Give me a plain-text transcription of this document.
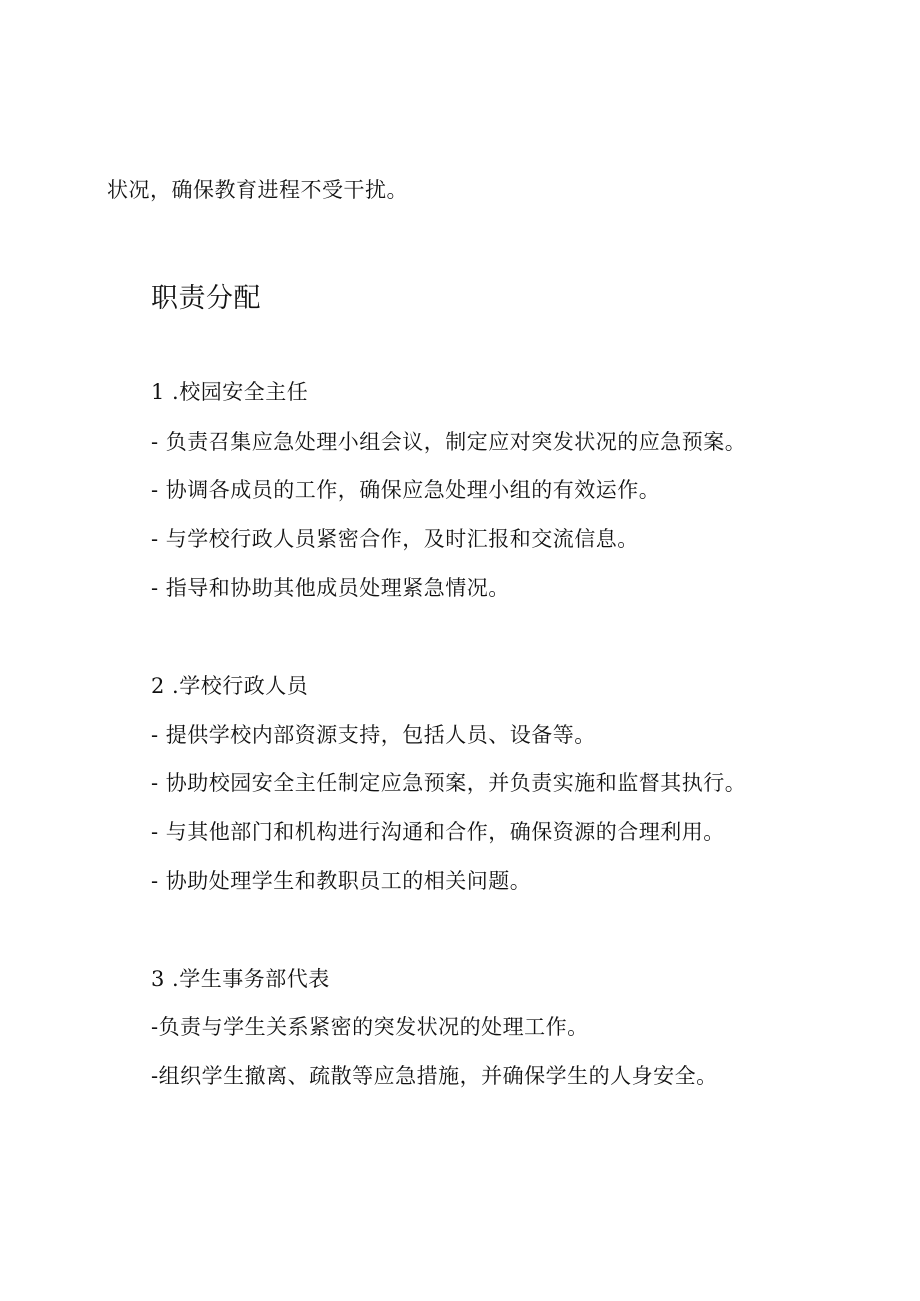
状况，确保教育进程不受干扰。
职责分配
1 .校园安全主任
- 负责召集应急处理小组会议，制定应对突发状况的应急预案。
- 协调各成员的工作，确保应急处理小组的有效运作。
- 与学校行政人员紧密合作，及时汇报和交流信息。
- 指导和协助其他成员处理紧急情况。
2 .学校行政人员
- 提供学校内部资源支持，包括人员、设备等。
- 协助校园安全主任制定应急预案，并负责实施和监督其执行。
- 与其他部门和机构进行沟通和合作，确保资源的合理利用。
- 协助处理学生和教职员工的相关问题。
3 .学生事务部代表
-负责与学生关系紧密的突发状况的处理工作。
-组织学生撤离、疏散等应急措施，并确保学生的人身安全。
